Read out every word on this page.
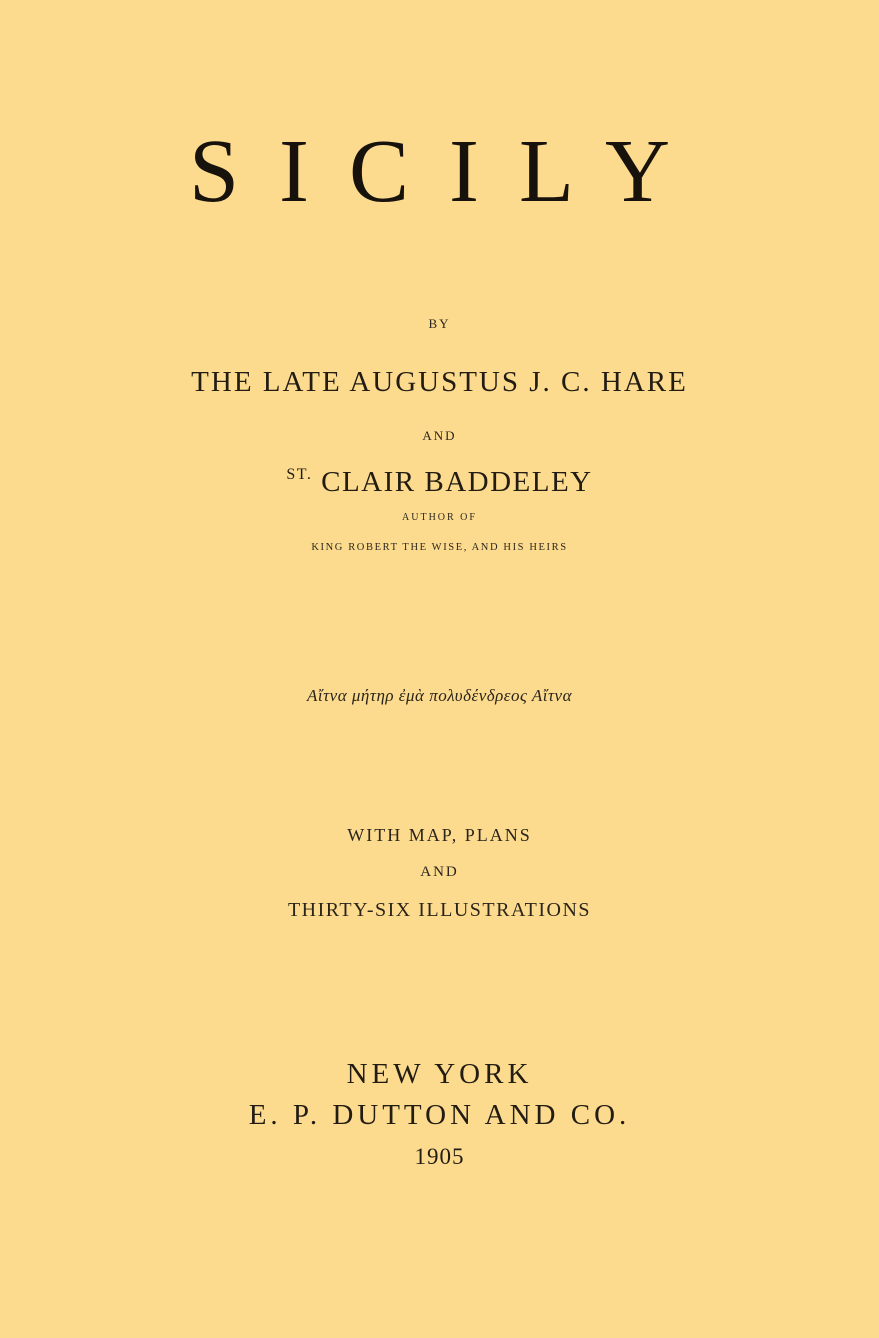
SICILY

BY

THE LATE AUGUSTUS J. C. HARE

AND

$^{ST.}$ CLAIR BADDELEY

AUTHOR OF

KING ROBERT THE WISE, AND HIS HEIRS

Αἴτνα μήτηρ ἐμὰ πολυδένδρεος Αἴτνα

WITH MAP, PLANS

AND

THIRTY-SIX ILLUSTRATIONS

NEW YORK

E. P. DUTTON AND CO.

1905
